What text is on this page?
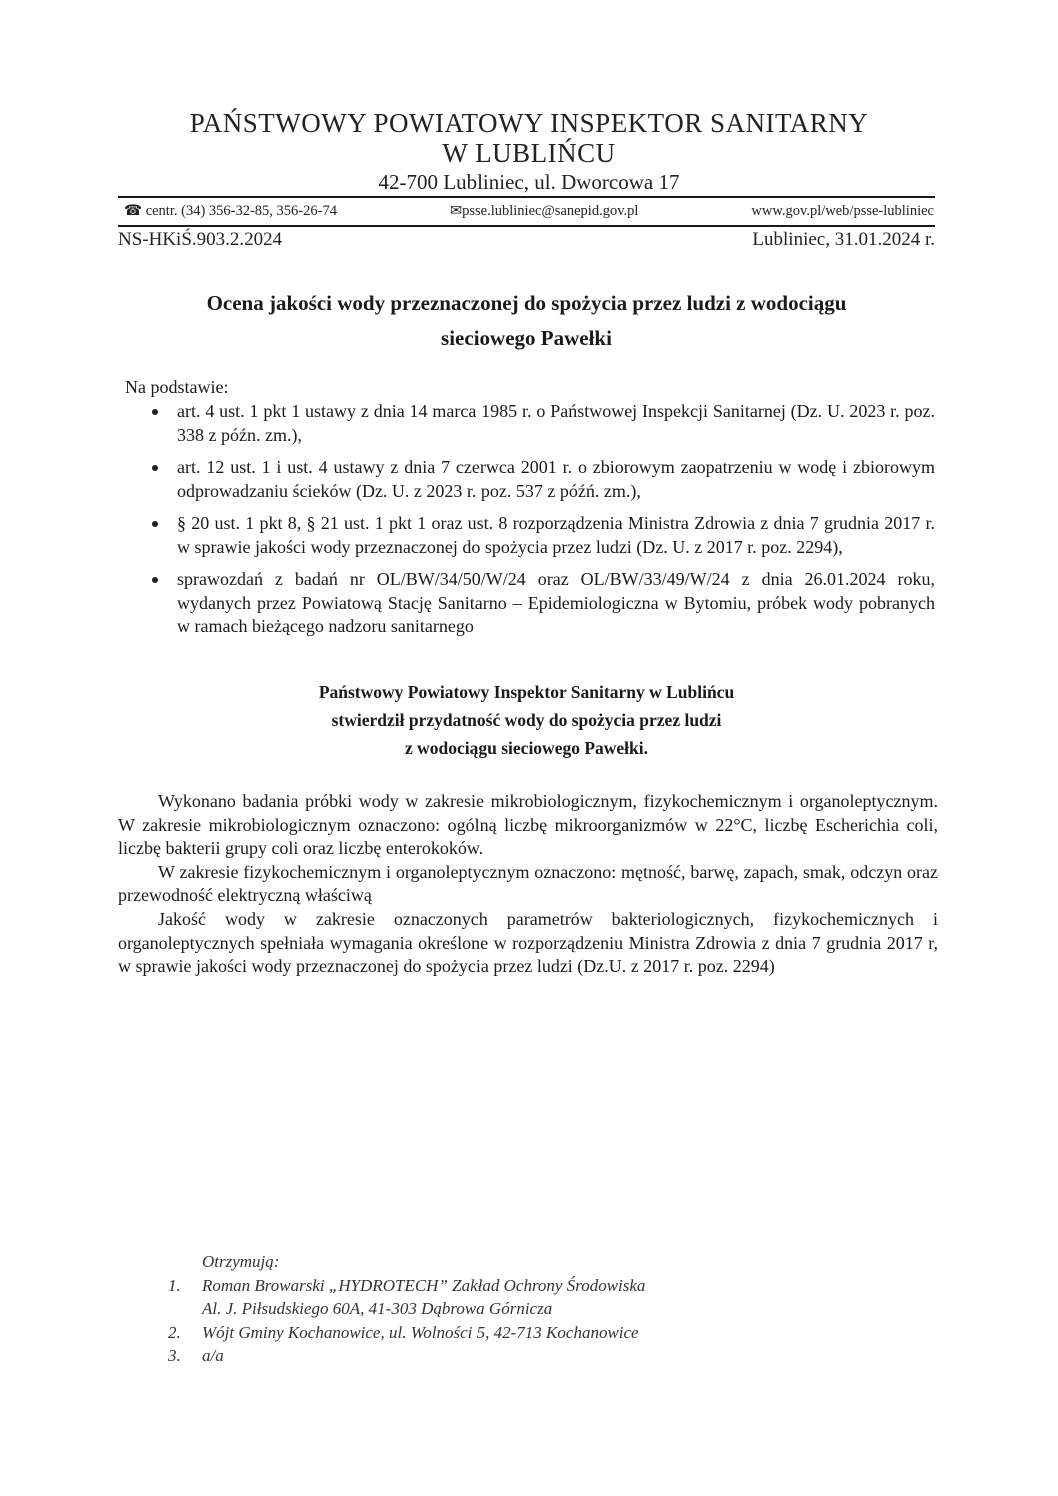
PAŃSTWOWY POWIATOWY INSPEKTOR SANITARNY
W LUBLIŃCU
42-700 Lubliniec, ul. Dworcowa 17
☎ centr. (34) 356-32-85, 356-26-74	✉psse.lubliniec@sanepid.gov.pl	www.gov.pl/web/psse-lubliniec
NS-HKiŚ.903.2.2024	Lubliniec, 31.01.2024 r.
Ocena jakości wody przeznaczonej do spożycia przez ludzi z wodociągu
sieciowego Pawełki
Na podstawie:
art. 4 ust. 1 pkt 1 ustawy z dnia 14 marca 1985 r. o Państwowej Inspekcji Sanitarnej (Dz. U. 2023 r. poz. 338 z późn. zm.),
art. 12 ust. 1 i ust. 4 ustawy z dnia 7 czerwca 2001 r. o zbiorowym zaopatrzeniu w wodę i zbiorowym odprowadzaniu ścieków (Dz. U. z 2023 r. poz. 537 z późń. zm.),
§ 20 ust. 1 pkt 8, § 21 ust. 1 pkt 1 oraz ust. 8 rozporządzenia Ministra Zdrowia z dnia 7 grudnia 2017 r. w sprawie jakości wody przeznaczonej do spożycia przez ludzi (Dz. U. z 2017 r. poz. 2294),
sprawozdań z badań nr OL/BW/34/50/W/24 oraz OL/BW/33/49/W/24 z dnia 26.01.2024 roku, wydanych przez Powiatową Stację Sanitarno – Epidemiologiczna w Bytomiu, próbek wody pobranych w ramach bieżącego nadzoru sanitarnego
Państwowy Powiatowy Inspektor Sanitarny w Lublińcu
stwierdził przydatność wody do spożycia przez ludzi
z wodociągu sieciowego Pawełki.

Wykonano badania próbki wody w zakresie mikrobiologicznym, fizykochemicznym i organoleptycznym. W zakresie mikrobiologicznym oznaczono: ogólną liczbę mikroorganizmów w 22°C, liczbę Escherichia coli, liczbę bakterii grupy coli oraz liczbę enterokoków.

W zakresie fizykochemicznym i organoleptycznym oznaczono: mętność, barwę, zapach, smak, odczyn oraz przewodność elektryczną właściwą

Jakość wody w zakresie oznaczonych parametrów bakteriologicznych, fizykochemicznych i organoleptycznych spełniała wymagania określone w rozporządzeniu Ministra Zdrowia z dnia 7 grudnia 2017 r, w sprawie jakości wody przeznaczonej do spożycia przez ludzi (Dz.U. z 2017 r. poz. 2294)

Otrzymują:
1.	Roman Browarski „HYDROTECH” Zakład Ochrony Środowiska
Al. J. Piłsudskiego 60A, 41-303 Dąbrowa Górnicza
2.	Wójt Gminy Kochanowice, ul. Wolności 5, 42-713 Kochanowice
3.	a/a
